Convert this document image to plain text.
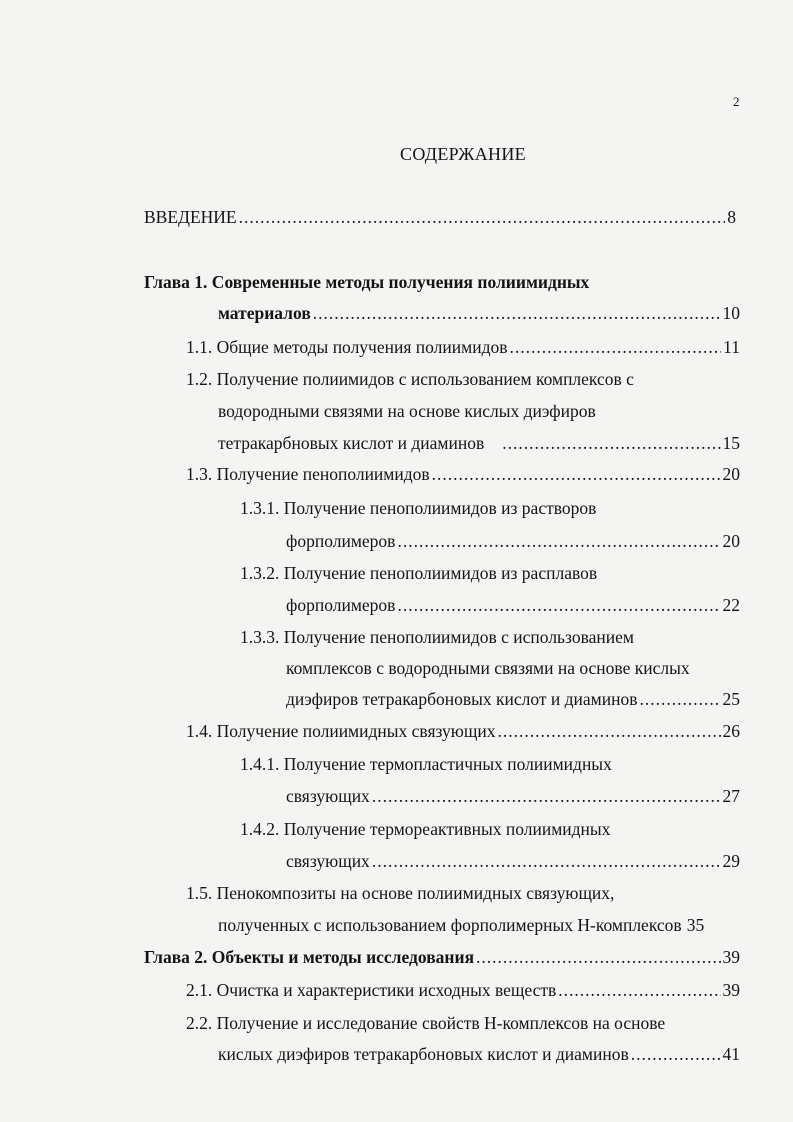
2
СОДЕРЖАНИЕ
ВВЕДЕНИЕ .....	8
Глава 1. Современные методы получения полиимидных
материалов .....	10
1.1. Общие методы получения полиимидов .....	11
1.2. Получение полиимидов с использованием комплексов с
водородными связями на основе кислых диэфиров
тетракарбновых кислот и диаминов .....	15
1.3. Получение пенополиимидов .....	20
1.3.1. Получение пенополиимидов из растворов
форполимеров .....	20
1.3.2. Получение пенополиимидов из расплавов
форполимеров .....	22
1.3.3. Получение пенополиимидов с использованием
комплексов с водородными связями на основе кислых
диэфиров тетракарбоновых кислот и диаминов .....	25
1.4. Получение полиимидных связующих .....	26
1.4.1. Получение термопластичных полиимидных
связующих .....	27
1.4.2. Получение термореактивных полиимидных
связующих .....	29
1.5. Пенокомпозиты на основе полиимидных связующих,
полученных с использованием форполимерных Н-комплексов 35
Глава 2. Объекты и методы исследования .....	39
2.1. Очистка и характеристики исходных веществ .....	39
2.2. Получение и исследование свойств Н-комплексов на основе
кислых диэфиров тетракарбоновых кислот и диаминов .....	41
